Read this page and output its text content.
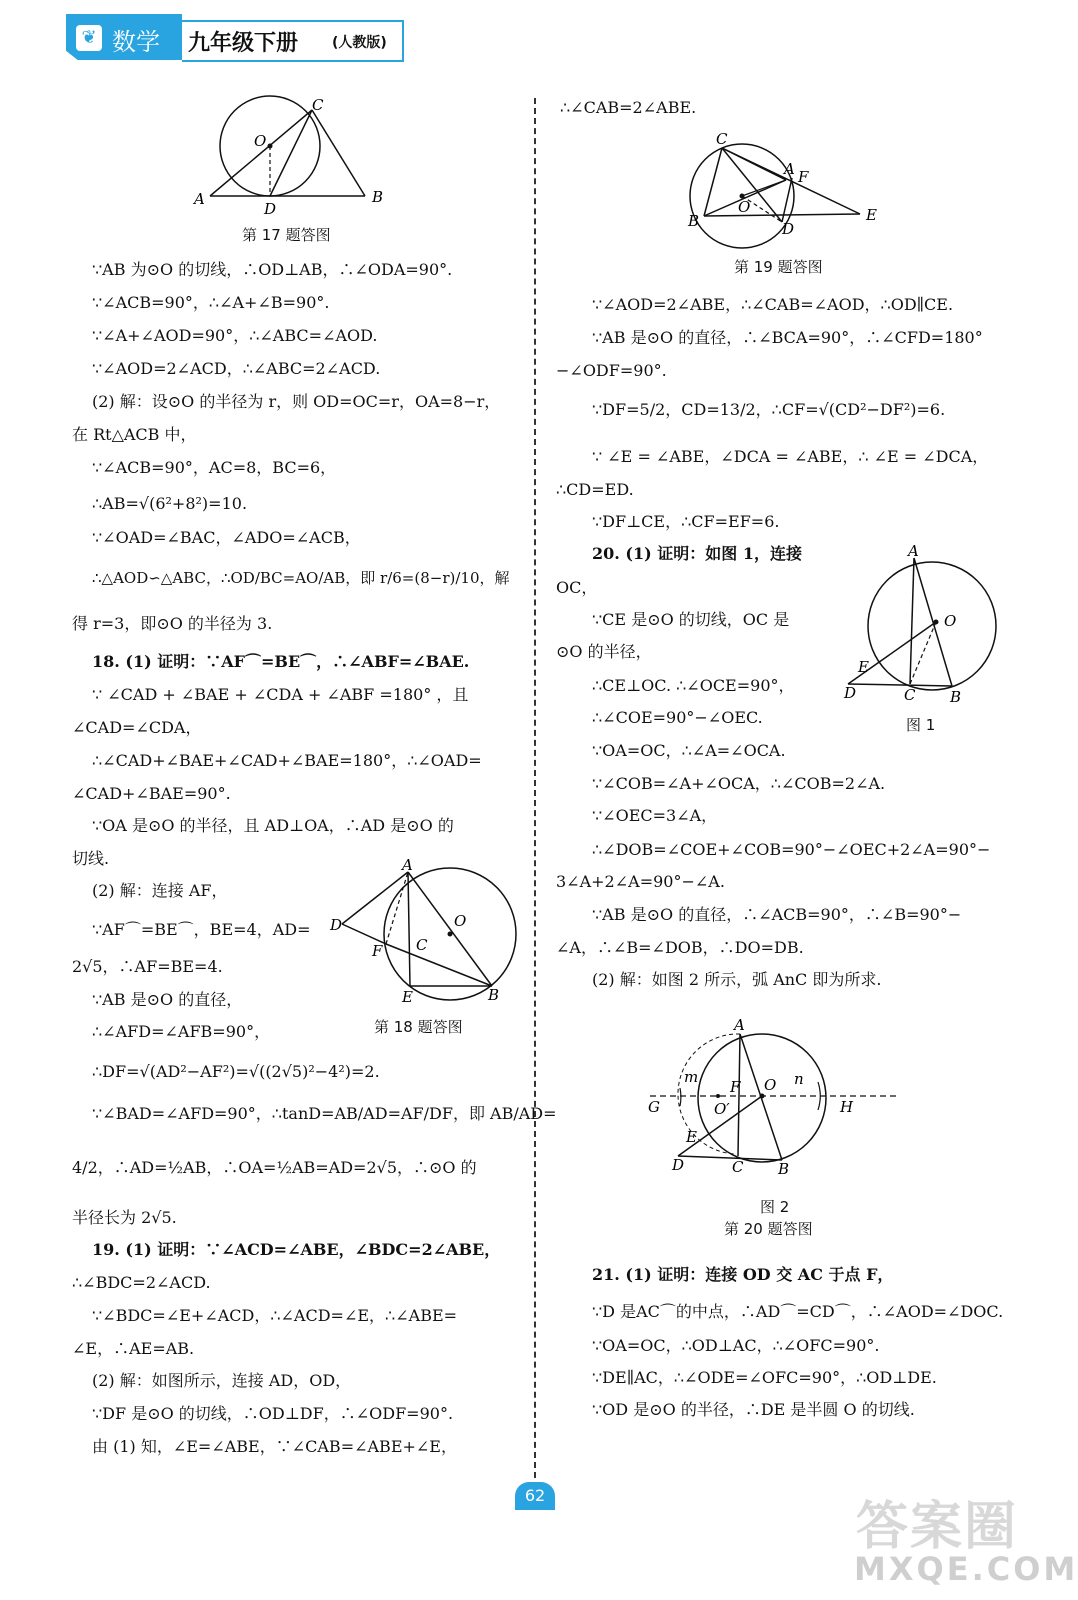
❦ 数学 九年级下册 (人教版)
C
O
A
D
B
第 17 题答图
∵AB 为⊙O 的切线，∴OD⊥AB，∴∠ODA=90°.
∵∠ACB=90°，∴∠A+∠B=90°.
∵∠A+∠AOD=90°，∴∠ABC=∠AOD.
∵∠AOD=2∠ACD，∴∠ABC=2∠ACD.
(2) 解：设⊙O 的半径为 r，则 OD=OC=r，OA=8−r，
在 Rt△ACB 中，
∵∠ACB=90°，AC=8，BC=6，
∴AB=√(6²+8²)=10.
∵∠OAD=∠BAC，∠ADO=∠ACB，
∴△AOD∽△ABC，∴OD/BC=AO/AB，即 r/6=(8−r)/10，解
得 r=3，即⊙O 的半径为 3.
18. (1) 证明：∵AF⌒=BE⌒，∴∠ABF=∠BAE.
∵ ∠CAD + ∠BAE + ∠CDA + ∠ABF =180° ，且
∠CAD=∠CDA，
∴∠CAD+∠BAE+∠CAD+∠BAE=180°，∴∠OAD=
∠CAD+∠BAE=90°.
∵OA 是⊙O 的半径，且 AD⊥OA，∴AD 是⊙O 的
切线.
(2) 解：连接 AF，
∵AF⌒=BE⌒，BE=4，AD=
2√5，∴AF=BE=4.
∵AB 是⊙O 的直径，
∴∠AFD=∠AFB=90°，
A
O
D
F C
E	B
第 18 题答图
∴DF=√(AD²−AF²)=√((2√5)²−4²)=2.
∵∠BAD=∠AFD=90°，∴tanD=AB/AD=AF/DF，即 AB/AD=
4/2，∴AD=½AB，∴OA=½AB=AD=2√5，∴⊙O 的
半径长为 2√5.
19. (1) 证明：∵∠ACD=∠ABE，∠BDC=2∠ABE，
∴∠BDC=2∠ACD.
∵∠BDC=∠E+∠ACD，∴∠ACD=∠E，∴∠ABE=
∠E，∴AE=AB.
(2) 解：如图所示，连接 AD，OD，
∵DF 是⊙O 的切线，∴OD⊥DF，∴∠ODF=90°.
由 (1) 知，∠E=∠ABE，∵∠CAB=∠ABE+∠E，
∴∠CAB=2∠ABE.
C
A F
O
B	D
E
第 19 题答图
∵∠AOD=2∠ABE，∴∠CAB=∠AOD，∴OD∥CE.
∵AB 是⊙O 的直径，∴∠BCA=90°，∴∠CFD=180°
−∠ODF=90°.
∵DF=5/2，CD=13/2，∴CF=√(CD²−DF²)=6.
∵ ∠E = ∠ABE，∠DCA = ∠ABE，∴ ∠E = ∠DCA，
∴CD=ED.
∵DF⊥CE，∴CF=EF=6.
20. (1) 证明：如图 1，连接
OC，
∵CE 是⊙O 的切线，OC 是
⊙O 的半径，
∴CE⊥OC. ∴∠OCE=90°，
∴∠COE=90°−∠OEC.
∵OA=OC，∴∠A=∠OCA.
A
O
E
D	C B
图 1
∵∠COB=∠A+∠OCA，∴∠COB=2∠A.
∵∠OEC=3∠A，
∴∠DOB=∠COE+∠COB=90°−∠OEC+2∠A=90°−
3∠A+2∠A=90°−∠A.
∵AB 是⊙O 的直径，∴∠ACB=90°，∴∠B=90°−
∠A，∴∠B=∠DOB，∴DO=DB.
(2) 解：如图 2 所示，弧 AnC 即为所求.
A
m
F O n
G	O′	H
E
D	C B
图 2
第 20 题答图
21. (1) 证明：连接 OD 交 AC 于点 F，
∵D 是AC⌒的中点，∴AD⌒=CD⌒，∴∠AOD=∠DOC.
∵OA=OC，∴OD⊥AC，∴∠OFC=90°.
∵DE∥AC，∴∠ODE=∠OFC=90°，∴OD⊥DE.
∵OD 是⊙O 的半径，∴DE 是半圆 O 的切线.
62
答案圈
MXQE.COM
